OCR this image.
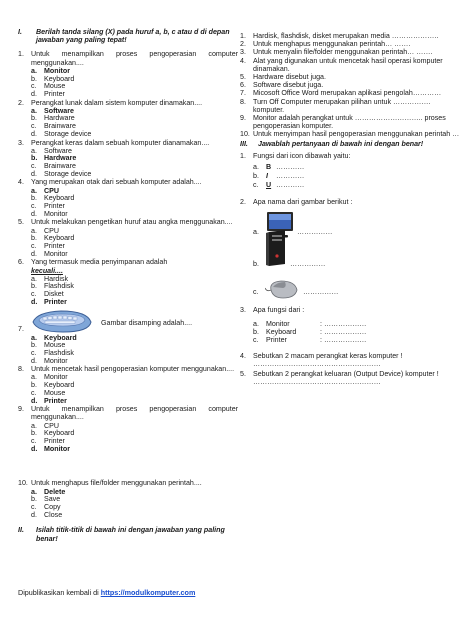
I.	Berilah tanda silang (X) pada huruf a, b, c atau d di depan jawaban yang paling tepat!
1. Untuk menampilkan proses pengoperasian computer menggunakan....
a. Monitor
b. Keyboard
c.	Mouse
d. Printer
2. Perangkat lunak dalam sistem komputer dinamakan....
a. Software
b. Hardware
c.	Brainware
d. Storage device
3. Perangkat keras dalam sebuah komputer dianamakan....
a. Software
b. Hardware
c.	Brainware
d. Storage device
4. Yang merupakan otak dari sebuah komputer adalah....
a. CPU
b. Keyboard
c.	Printer
d. Monitor
5. Untuk melakukan pengetikan huruf atau angka menggunakan....
a. CPU
b. Keyboard
c.	Printer
d. Monitor
6. Yang termasuk media penyimpanan adalah

kecuali....
a. Hardisk
b. Flashdisk
c.	Disket
d. Printer
7.
Gambar disamping adalah....
a. Keyboard
b. Mouse
c.	Flashdisk
d. Monitor
8. Untuk mencetak hasil pengoperasian komputer menggunakan....
a. Monitor
b. Keyboard
c.	Mouse
d. Printer
9. Untuk menampilkan proses pengoperasian computer menggunakan....
a. CPU
b. Keyboard
c.	Printer
d. Monitor
10. Untuk menghapus file/folder menggunakan perintah....
a. Delete
b. Save
c.	Copy
d. Close
II.	Isilah titik-titik di bawah ini dengan jawaban yang paling benar!
1. Hardisk, flashdisk, disket merupakan media ………………..
2. Untuk menghapus menggunakan perintah… …….
3. Untuk menyalin file/folder menggunakan perintah… …….
4. Alat yang digunakan untuk mencetak hasil operasi komputer dinamakan.
5. Hardware disebut juga.
6. Software disebut juga.
7. Micosoft Office Word merupakan aplikasi pengolah…………
8. Turn Off Computer merupakan pilihan untuk ……………. komputer.
9. Monitor adalah perangkat untuk ……………………….. proses pengoperasian komputer.
10. Untuk menyimpan hasil pengoperasian menggunakan perintah …
III.	Jawablah pertanyaan di bawah ini dengan benar!
1. Fungsi dari icon dibawah yaitu:
a. B …………
b. I	…………
c.	U …………
2. Apa nama dari gambar berikut :
a.	……………
b.	……………
c.	……………
3. Apa fungsi dari :
a. Monitor	: ………………
b. Keyboard	: ………………
c.	Printer	: ………………
4. Sebutkan 2 macam perangkat keras komputer !
………………………………………………
5. Sebutkan 2 perangkat keluaran (Output Device) komputer !
………………………………………………
Dipublikasikan kembali di https://modulkomputer.com
